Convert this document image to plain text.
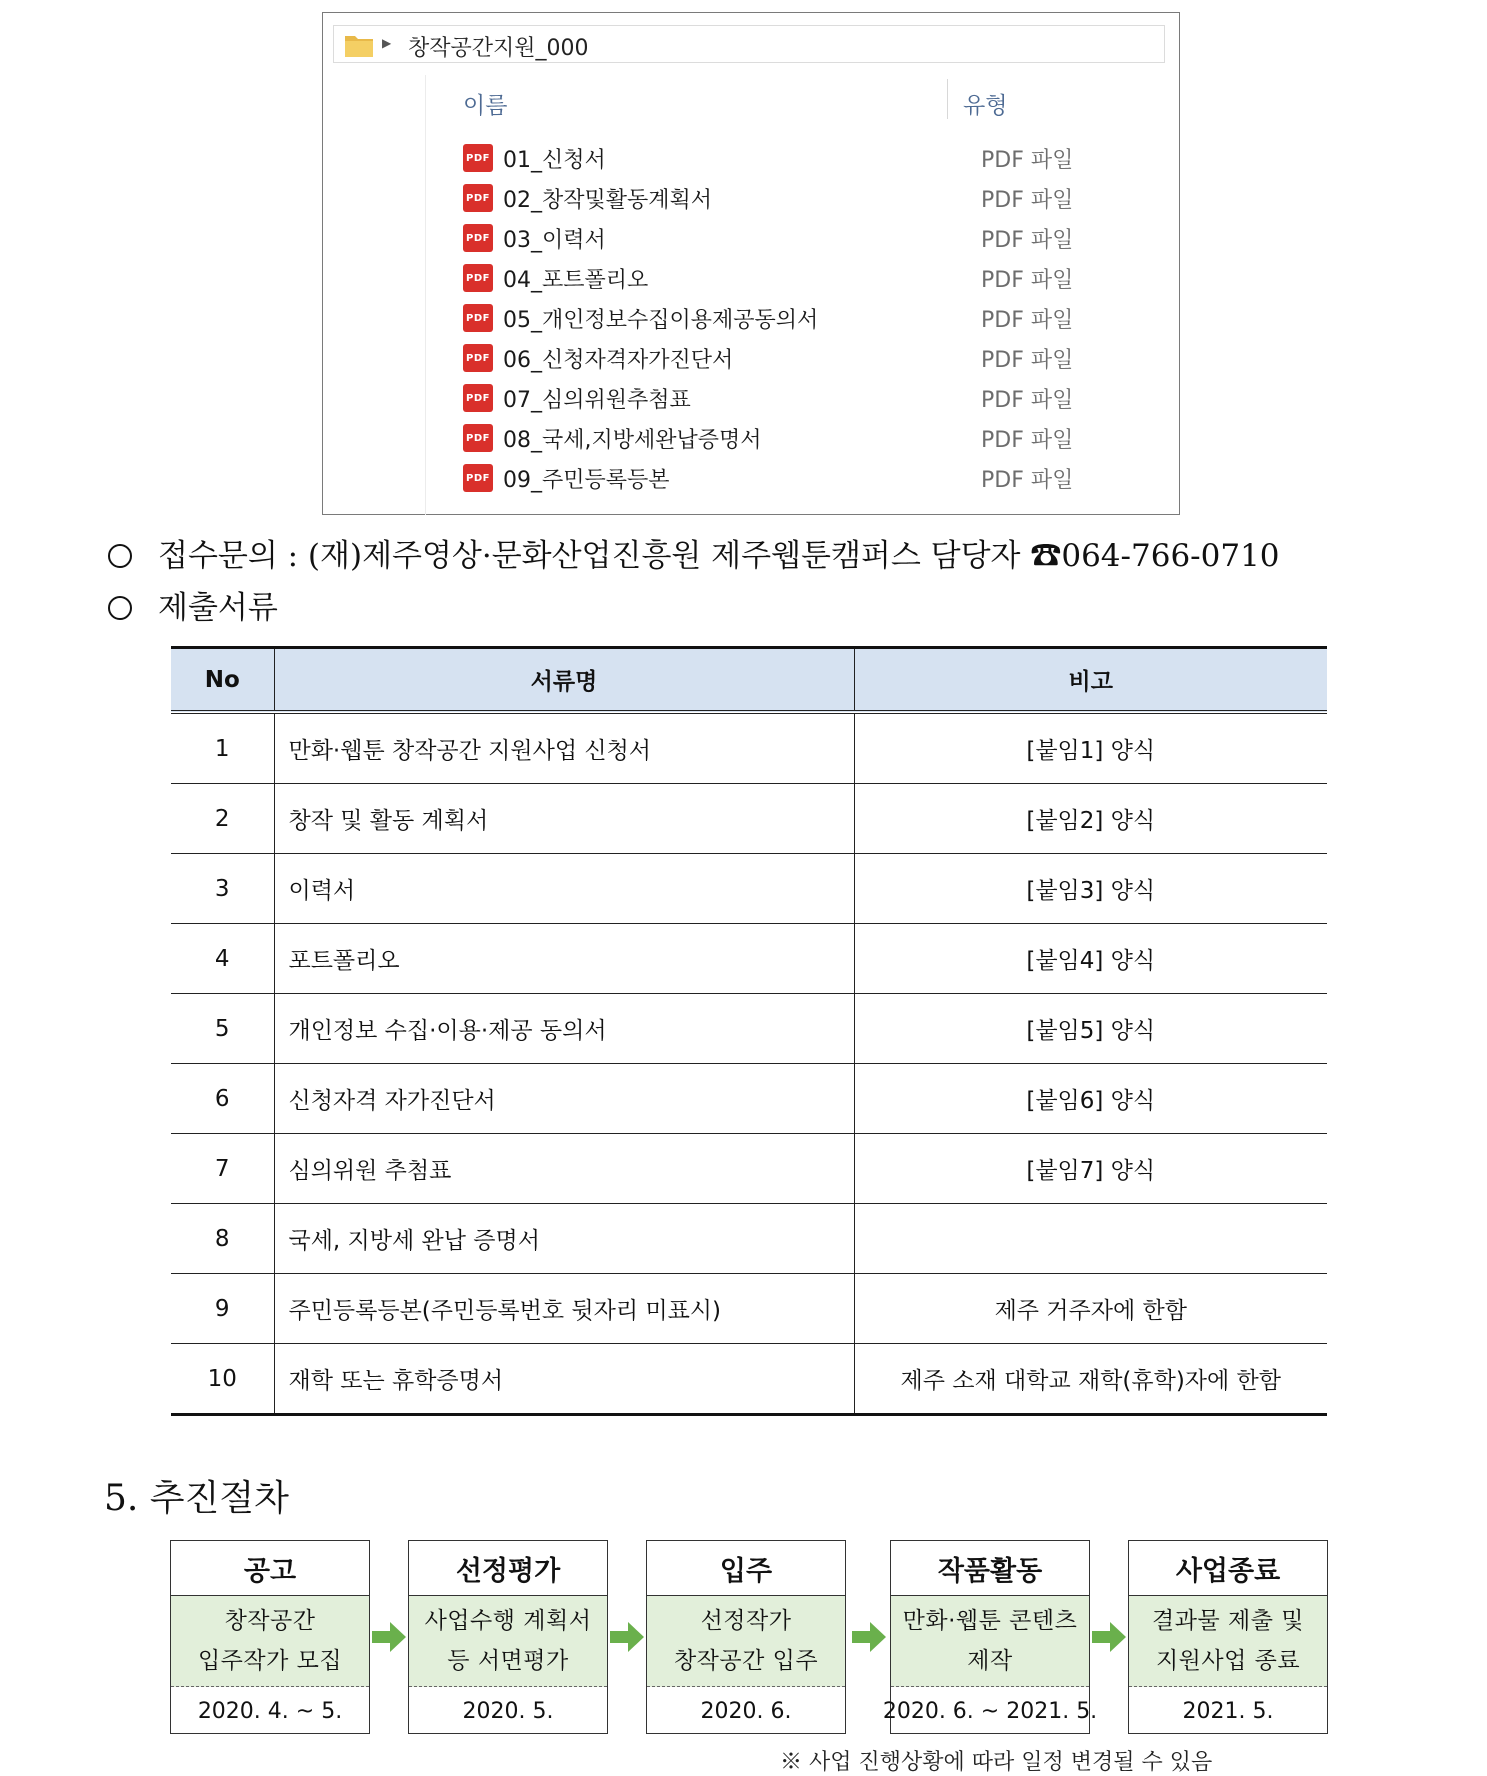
▶ 창작공간지원_000
이름	유형
PDF 01_신청서	PDF 파일
PDF 02_창작및활동계획서	PDF 파일
PDF 03_이력서	PDF 파일
PDF 04_포트폴리오	PDF 파일
PDF 05_개인정보수집이용제공동의서	PDF 파일
PDF 06_신청자격자가진단서	PDF 파일
PDF 07_심의위원추첨표	PDF 파일
PDF 08_국세,지방세완납증명서	PDF 파일
PDF 09_주민등록등본	PDF 파일
접수문의 : (재)제주영상·문화산업진흥원 제주웹툰캠퍼스 담당자 ☎064-766-0710
제출서류
No	서류명	비고
1	만화·웹툰 창작공간 지원사업 신청서	[붙임1] 양식
2	창작 및 활동 계획서	[붙임2] 양식
3	이력서	[붙임3] 양식
4	포트폴리오	[붙임4] 양식
5	개인정보 수집·이용·제공 동의서	[붙임5] 양식
6	신청자격 자가진단서	[붙임6] 양식
7	심의위원 추첨표	[붙임7] 양식
8	국세, 지방세 완납 증명서	
9	주민등록등본(주민등록번호 뒷자리 미표시)	제주 거주자에 한함
10	재학 또는 휴학증명서	제주 소재 대학교 재학(휴학)자에 한함
5. 추진절차
공고
창작공간
입주작가 모집
2020. 4. ~ 5.
선정평가
사업수행 계획서
등 서면평가
2020. 5.
입주
선정작가
창작공간 입주
2020. 6.
작품활동
만화·웹툰 콘텐츠
제작
2020. 6. ~ 2021. 5.
사업종료
결과물 제출 및
지원사업 종료
2021. 5.
※ 사업 진행상황에 따라 일정 변경될 수 있음
